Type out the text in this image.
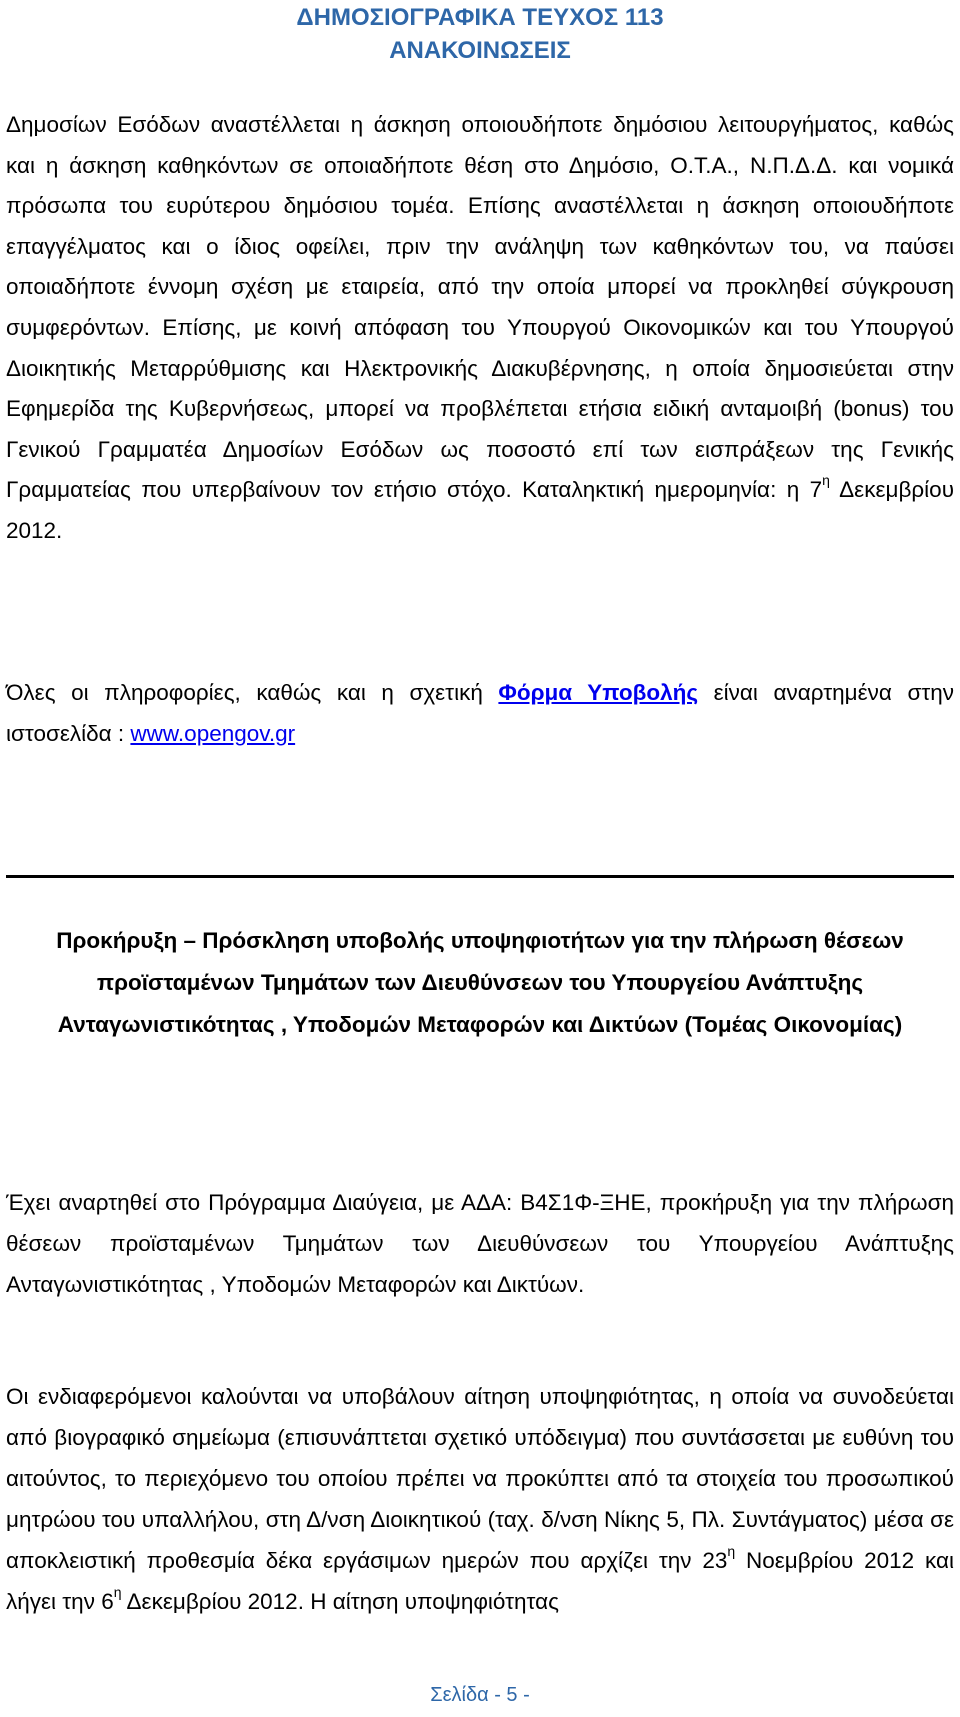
ΔΗΜΟΣΙΟΓΡΑΦΙΚΑ ΤΕΥΧΟΣ 113
ΑΝΑΚΟΙΝΩΣΕΙΣ

Δημοσίων Εσόδων αναστέλλεται η άσκηση οποιουδήποτε δημόσιου λειτουργήματος, καθώς και η άσκηση καθηκόντων σε οποιαδήποτε θέση στο Δημόσιο, Ο.Τ.Α., Ν.Π.Δ.Δ. και νομικά πρόσωπα του ευρύτερου δημόσιου τομέα. Επίσης αναστέλλεται η άσκηση οποιουδήποτε επαγγέλματος και ο ίδιος οφείλει, πριν την ανάληψη των καθηκόντων του, να παύσει οποιαδήποτε έννομη σχέση με εταιρεία, από την οποία μπορεί να προκληθεί σύγκρουση συμφερόντων. Επίσης, με κοινή απόφαση του Υπουργού Οικονομικών και του Υπουργού Διοικητικής Μεταρρύθμισης και Ηλεκτρονικής Διακυβέρνησης, η οποία δημοσιεύεται στην Εφημερίδα της Κυβερνήσεως, μπορεί να προβλέπεται ετήσια ειδική ανταμοιβή (bonus) του Γενικού Γραμματέα Δημοσίων Εσόδων ως ποσοστό επί των εισπράξεων της Γενικής Γραμματείας που υπερβαίνουν τον ετήσιο στόχο. Καταληκτική ημερομηνία: η $7^\eta$ Δεκεμβρίου 2012.

Όλες οι πληροφορίες, καθώς και η σχετική Φόρμα Υποβολής είναι αναρτημένα στην ιστοσελίδα : www.opengov.gr

Προκήρυξη – Πρόσκληση υποβολής υποψηφιοτήτων για την πλήρωση θέσεων προϊσταμένων Τμημάτων των Διευθύνσεων του Υπουργείου Ανάπτυξης Ανταγωνιστικότητας , Υποδομών Μεταφορών και Δικτύων (Τομέας Οικονομίας)

Έχει αναρτηθεί στο Πρόγραμμα Διαύγεια, με ΑΔΑ: Β4Σ1Φ-ΞΗΕ, προκήρυξη για την πλήρωση θέσεων προϊσταμένων Τμημάτων των Διευθύνσεων του Υπουργείου Ανάπτυξης Ανταγωνιστικότητας , Υποδομών Μεταφορών και Δικτύων.

Οι ενδιαφερόμενοι καλούνται να υποβάλουν αίτηση υποψηφιότητας, η οποία να συνοδεύεται από βιογραφικό σημείωμα (επισυνάπτεται σχετικό υπόδειγμα) που συντάσσεται με ευθύνη του αιτούντος, το περιεχόμενο του οποίου πρέπει να προκύπτει από τα στοιχεία του προσωπικού μητρώου του υπαλλήλου, στη Δ/νση Διοικητικού (ταχ. δ/νση Νίκης 5, Πλ. Συντάγματος) μέσα σε αποκλειστική προθεσμία δέκα εργάσιμων ημερών που αρχίζει την $23^\eta$ Νοεμβρίου 2012 και λήγει την $6^\eta$ Δεκεμβρίου 2012. Η αίτηση υποψηφιότητας

Σελίδα - 5 -
